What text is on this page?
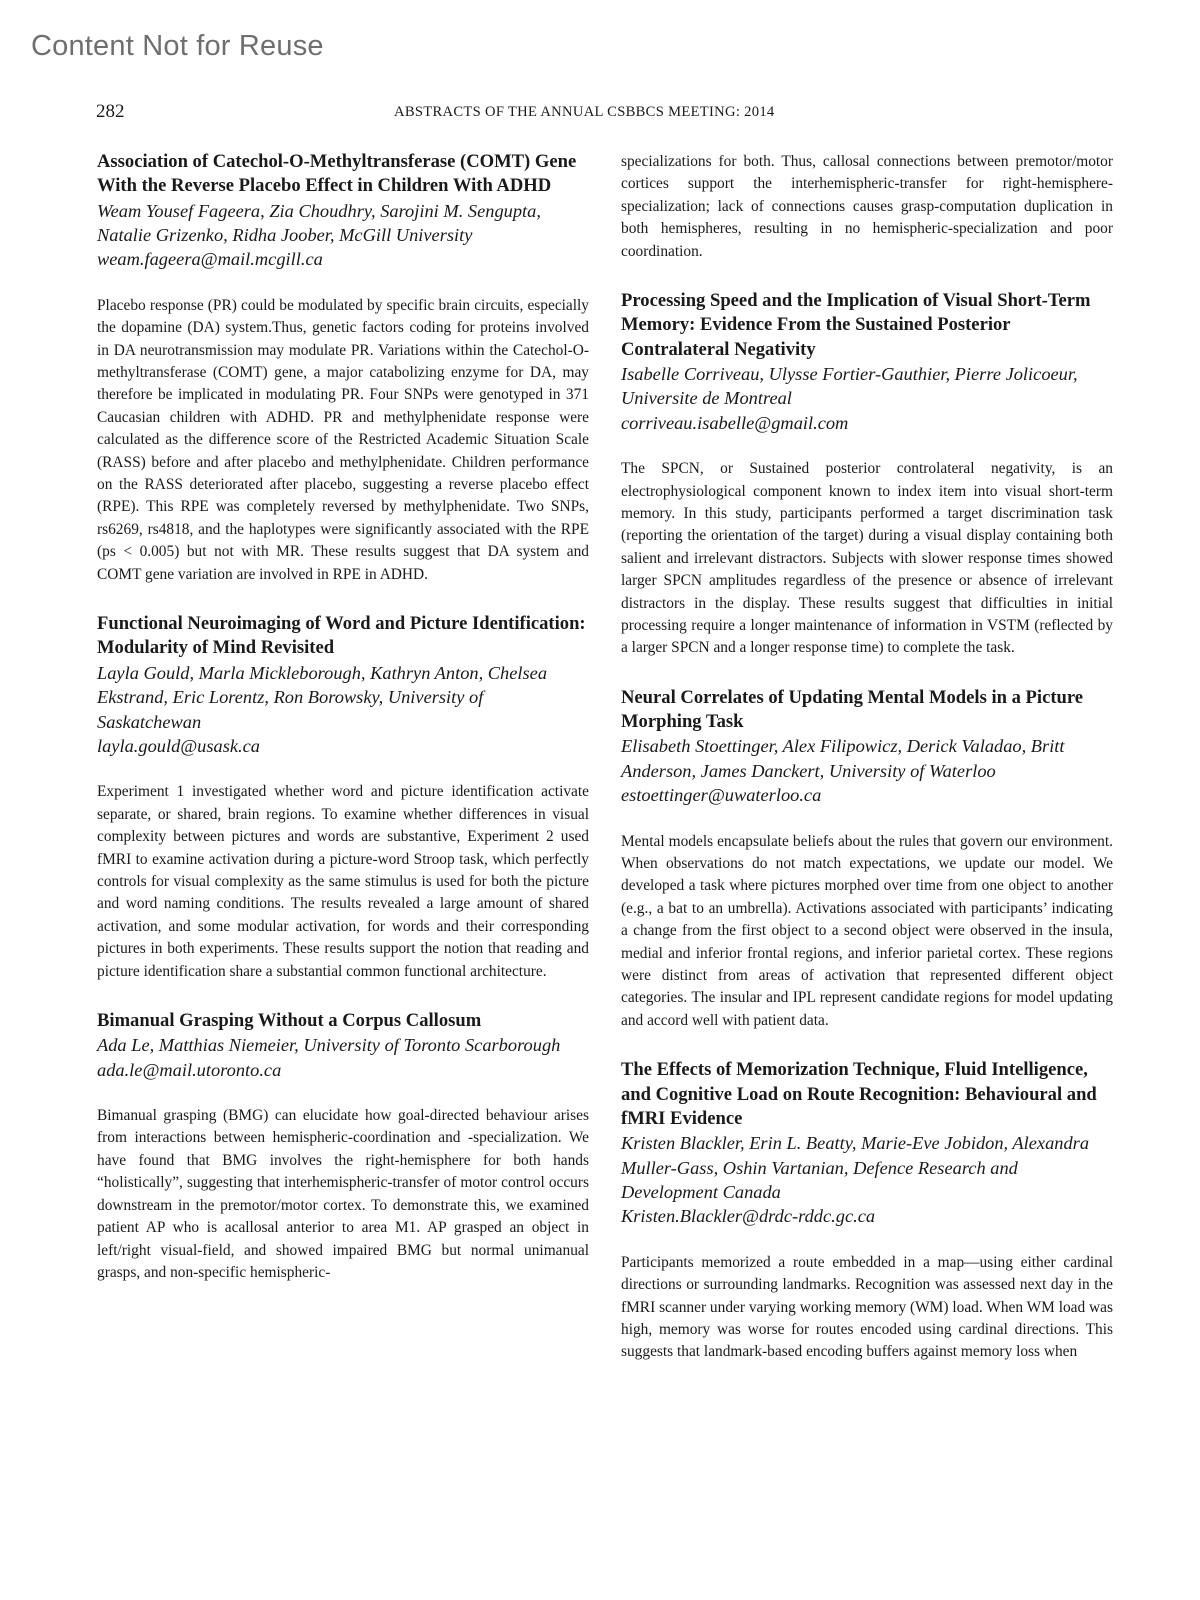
Content Not for Reuse
282	ABSTRACTS OF THE ANNUAL CSBBCS MEETING: 2014
Association of Catechol-O-Methyltransferase (COMT) Gene With the Reverse Placebo Effect in Children With ADHD
Weam Yousef Fageera, Zia Choudhry, Sarojini M. Sengupta, Natalie Grizenko, Ridha Joober, McGill University
weam.fageera@mail.mcgill.ca

Placebo response (PR) could be modulated by specific brain circuits, especially the dopamine (DA) system.Thus, genetic factors coding for proteins involved in DA neurotransmission may modulate PR. Variations within the Catechol-O-methyltransferase (COMT) gene, a major catabolizing enzyme for DA, may therefore be implicated in modulating PR. Four SNPs were genotyped in 371 Caucasian children with ADHD. PR and methylphenidate response were calculated as the difference score of the Restricted Academic Situation Scale (RASS) before and after placebo and methylphenidate. Children performance on the RASS deteriorated after placebo, suggesting a reverse placebo effect (RPE). This RPE was completely reversed by methylphenidate. Two SNPs, rs6269, rs4818, and the haplotypes were significantly associated with the RPE (ps < 0.005) but not with MR. These results suggest that DA system and COMT gene variation are involved in RPE in ADHD.

Functional Neuroimaging of Word and Picture Identification: Modularity of Mind Revisited
Layla Gould, Marla Mickleborough, Kathryn Anton, Chelsea Ekstrand, Eric Lorentz, Ron Borowsky, University of Saskatchewan
layla.gould@usask.ca

Experiment 1 investigated whether word and picture identification activate separate, or shared, brain regions. To examine whether differences in visual complexity between pictures and words are substantive, Experiment 2 used fMRI to examine activation during a picture-word Stroop task, which perfectly controls for visual complexity as the same stimulus is used for both the picture and word naming conditions. The results revealed a large amount of shared activation, and some modular activation, for words and their corresponding pictures in both experiments. These results support the notion that reading and picture identification share a substantial common functional architecture.

Bimanual Grasping Without a Corpus Callosum
Ada Le, Matthias Niemeier, University of Toronto Scarborough
ada.le@mail.utoronto.ca

Bimanual grasping (BMG) can elucidate how goal-directed behaviour arises from interactions between hemispheric-coordination and -specialization. We have found that BMG involves the right-hemisphere for both hands “holistically”, suggesting that interhemispheric-transfer of motor control occurs downstream in the premotor/motor cortex. To demonstrate this, we examined patient AP who is acallosal anterior to area M1. AP grasped an object in left/right visual-field, and showed impaired BMG but normal unimanual grasps, and non-specific hemispheric-

specializations for both. Thus, callosal connections between premotor/motor cortices support the interhemispheric-transfer for right-hemisphere-specialization; lack of connections causes grasp-computation duplication in both hemispheres, resulting in no hemispheric-specialization and poor coordination.

Processing Speed and the Implication of Visual Short-Term Memory: Evidence From the Sustained Posterior Contralateral Negativity
Isabelle Corriveau, Ulysse Fortier-Gauthier, Pierre Jolicoeur, Universite de Montreal
corriveau.isabelle@gmail.com

The SPCN, or Sustained posterior controlateral negativity, is an electrophysiological component known to index item into visual short-term memory. In this study, participants performed a target discrimination task (reporting the orientation of the target) during a visual display containing both salient and irrelevant distractors. Subjects with slower response times showed larger SPCN amplitudes regardless of the presence or absence of irrelevant distractors in the display. These results suggest that difficulties in initial processing require a longer maintenance of information in VSTM (reflected by a larger SPCN and a longer response time) to complete the task.

Neural Correlates of Updating Mental Models in a Picture Morphing Task
Elisabeth Stoettinger, Alex Filipowicz, Derick Valadao, Britt Anderson, James Danckert, University of Waterloo
estoettinger@uwaterloo.ca

Mental models encapsulate beliefs about the rules that govern our environment. When observations do not match expectations, we update our model. We developed a task where pictures morphed over time from one object to another (e.g., a bat to an umbrella). Activations associated with participants’ indicating a change from the first object to a second object were observed in the insula, medial and inferior frontal regions, and inferior parietal cortex. These regions were distinct from areas of activation that represented different object categories. The insular and IPL represent candidate regions for model updating and accord well with patient data.

The Effects of Memorization Technique, Fluid Intelligence, and Cognitive Load on Route Recognition: Behavioural and fMRI Evidence
Kristen Blackler, Erin L. Beatty, Marie-Eve Jobidon, Alexandra Muller-Gass, Oshin Vartanian, Defence Research and Development Canada
Kristen.Blackler@drdc-rddc.gc.ca

Participants memorized a route embedded in a map—using either cardinal directions or surrounding landmarks. Recognition was assessed next day in the fMRI scanner under varying working memory (WM) load. When WM load was high, memory was worse for routes encoded using cardinal directions. This suggests that landmark-based encoding buffers against memory loss when
